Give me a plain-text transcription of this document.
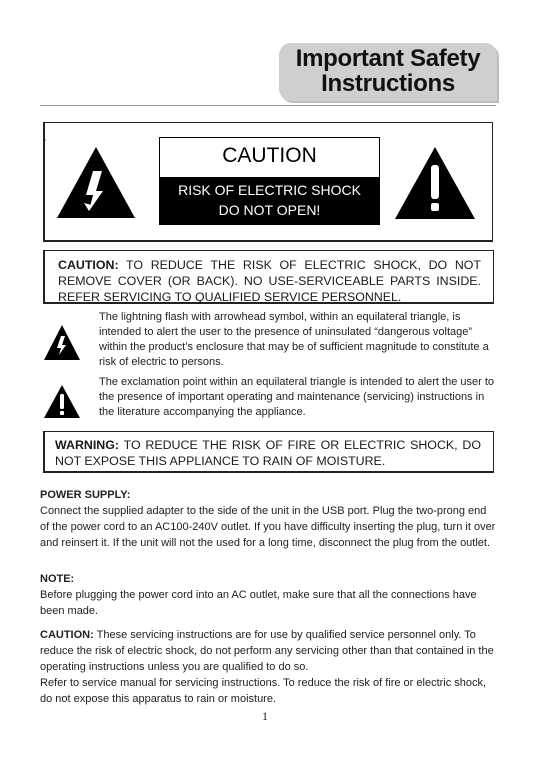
Important Safety
Instructions
'
CAUTION
RISK OF ELECTRIC SHOCK
DO NOT OPEN!
CAUTION: TO REDUCE THE RISK OF ELECTRIC SHOCK, DO NOT REMOVE COVER (OR BACK). NO USE-SERVICEABLE PARTS INSIDE. REFER SERVICING TO QUALIFIED SERVICE PERSONNEL.
The lightning flash with arrowhead symbol, within an equilateral triangle, is intended to alert the user to the presence of uninsulated “dangerous voltage” within the product’s enclosure that may be of sufficient magnitude to constitute a risk of electric to persons.
The exclamation point within an equilateral triangle is intended to alert the user to the presence of important operating and maintenance (servicing) instructions in the literature accompanying the appliance.
WARNING: TO REDUCE THE RISK OF FIRE OR ELECTRIC SHOCK, DO NOT EXPOSE THIS APPLIANCE TO RAIN OF MOISTURE.
POWER SUPPLY:
Connect the supplied adapter to the side of the unit in the USB port. Plug the two-prong end of the power cord to an AC100-240V outlet. If you have difficulty inserting the plug, turn it over and reinsert it. If the unit will not the used for a long time, disconnect the plug from the outlet.
NOTE:
Before plugging the power cord into an AC outlet, make sure that all the connections have been made.
CAUTION: These servicing instructions are for use by qualified service personnel only. To reduce the risk of electric shock, do not perform any servicing other than that contained in the operating instructions unless you are qualified to do so.
Refer to service manual for servicing instructions. To reduce the risk of fire or electric shock, do not expose this apparatus to rain or moisture.
1
